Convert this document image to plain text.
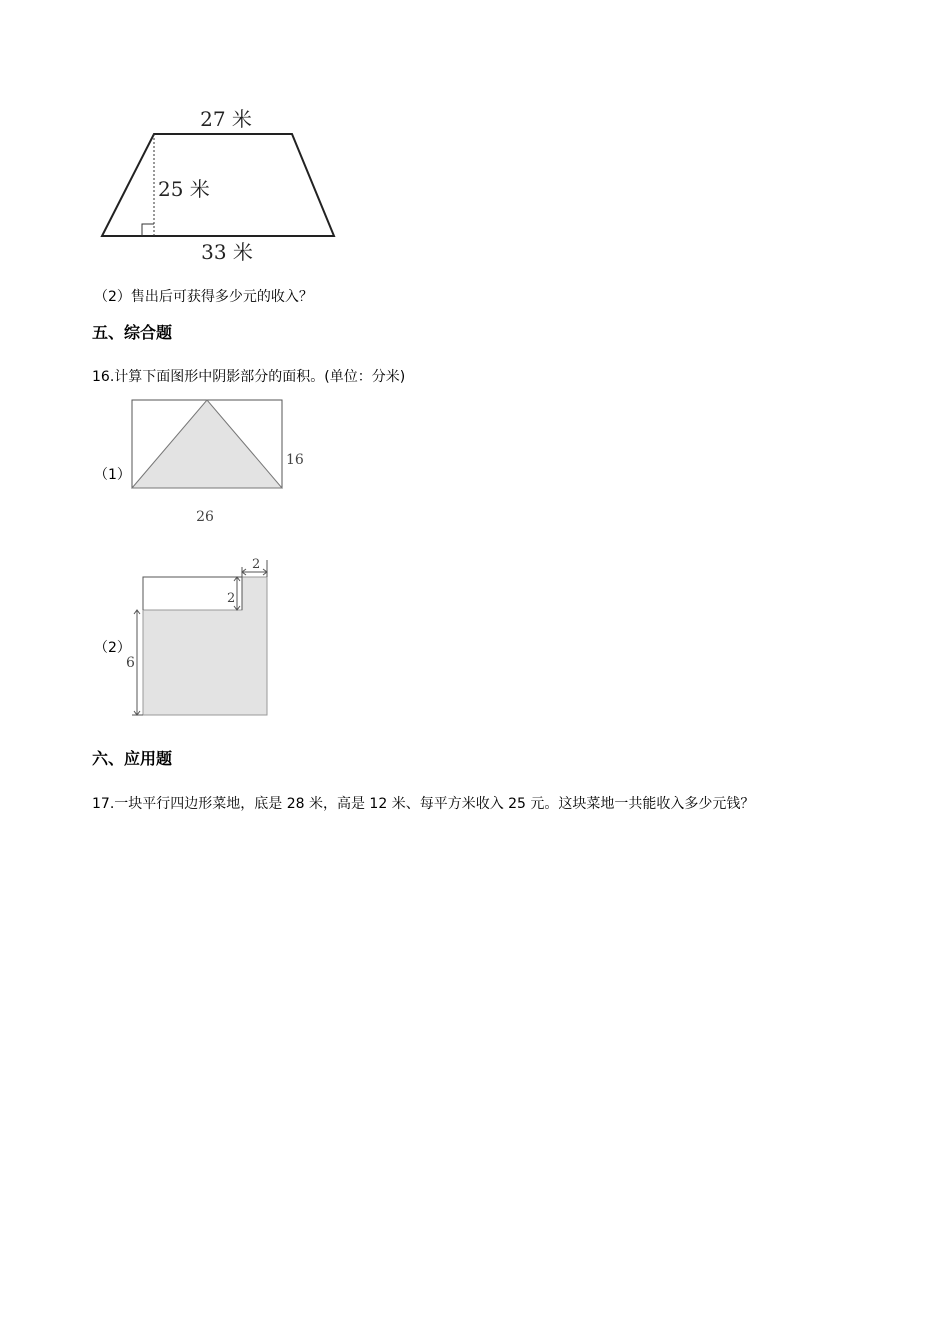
27 米
25 米
33 米
（2）售出后可获得多少元的收入？
五、综合题
16.计算下面图形中阴影部分的面积。(单位：分米)
（1）
16
26
（2）
2
2
6
六、应用题
17.一块平行四边形菜地，底是 28 米，高是 12 米、每平方米收入 25 元。这块菜地一共能收入多少元钱？
